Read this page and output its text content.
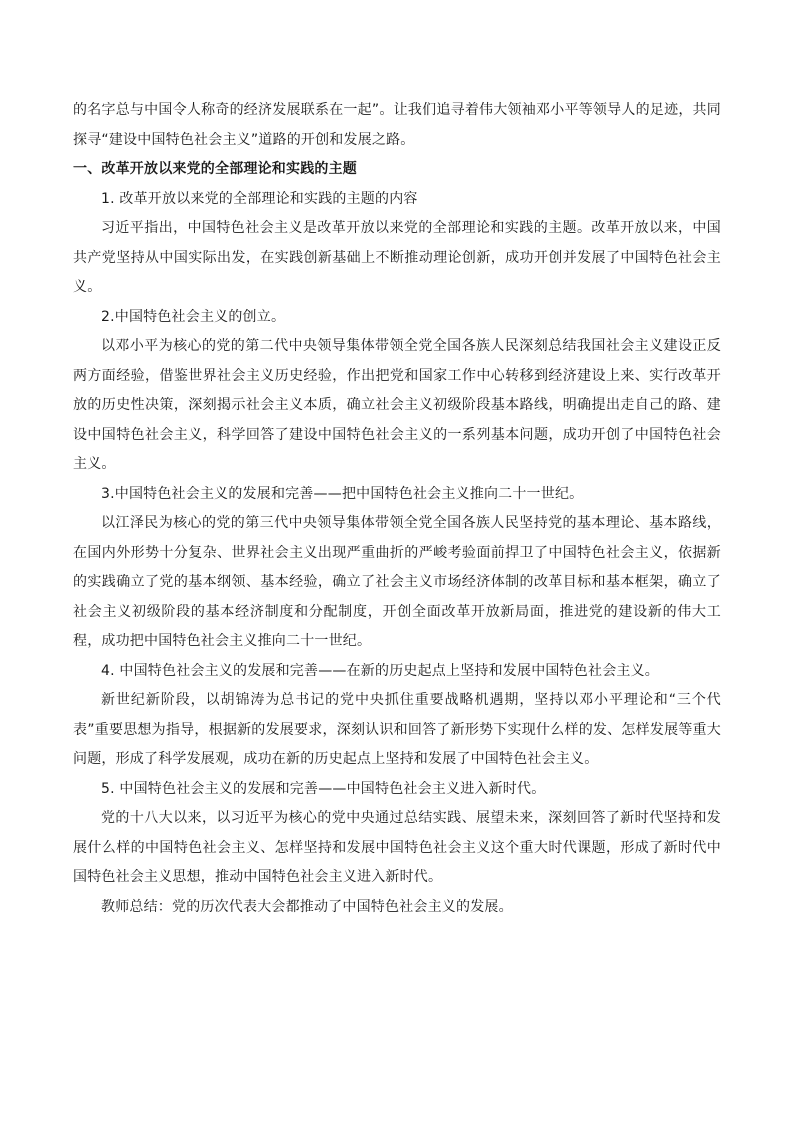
的名字总与中国令人称奇的经济发展联系在一起”。让我们追寻着伟大领袖邓小平等领导人的足迹，共同探寻“建设中国特色社会主义”道路的开创和发展之路。

一、改革开放以来党的全部理论和实践的主题

1. 改革开放以来党的全部理论和实践的主题的内容

习近平指出，中国特色社会主义是改革开放以来党的全部理论和实践的主题。改革开放以来，中国共产党坚持从中国实际出发，在实践创新基础上不断推动理论创新，成功开创并发展了中国特色社会主义。

2.中国特色社会主义的创立。

以邓小平为核心的党的第二代中央领导集体带领全党全国各族人民深刻总结我国社会主义建设正反两方面经验，借鉴世界社会主义历史经验，作出把党和国家工作中心转移到经济建设上来、实行改革开放的历史性决策，深刻揭示社会主义本质，确立社会主义初级阶段基本路线，明确提出走自己的路、建设中国特色社会主义，科学回答了建设中国特色社会主义的一系列基本问题，成功开创了中国特色社会主义。

3.中国特色社会主义的发展和完善——把中国特色社会主义推向二十一世纪。

以江泽民为核心的党的第三代中央领导集体带领全党全国各族人民坚持党的基本理论、基本路线，在国内外形势十分复杂、世界社会主义出现严重曲折的严峻考验面前捍卫了中国特色社会主义，依据新的实践确立了党的基本纲领、基本经验，确立了社会主义市场经济体制的改革目标和基本框架，确立了社会主义初级阶段的基本经济制度和分配制度，开创全面改革开放新局面，推进党的建设新的伟大工程，成功把中国特色社会主义推向二十一世纪。

4. 中国特色社会主义的发展和完善——在新的历史起点上坚持和发展中国特色社会主义。

新世纪新阶段，以胡锦涛为总书记的党中央抓住重要战略机遇期，坚持以邓小平理论和“三个代表”重要思想为指导，根据新的发展要求，深刻认识和回答了新形势下实现什么样的发、怎样发展等重大问题，形成了科学发展观，成功在新的历史起点上坚持和发展了中国特色社会主义。

5. 中国特色社会主义的发展和完善——中国特色社会主义进入新时代。

党的十八大以来，以习近平为核心的党中央通过总结实践、展望未来，深刻回答了新时代坚持和发展什么样的中国特色社会主义、怎样坚持和发展中国特色社会主义这个重大时代课题，形成了新时代中国特色社会主义思想，推动中国特色社会主义进入新时代。

教师总结：党的历次代表大会都推动了中国特色社会主义的发展。
